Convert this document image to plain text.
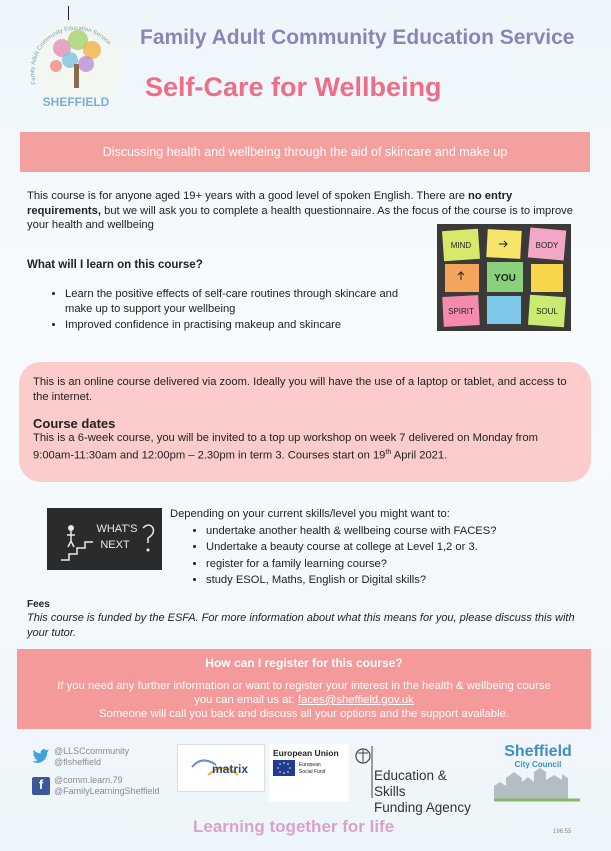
Family Adult Community Education Service
SHEFFIELD
Family Adult Community Education Service
Self-Care for Wellbeing
Discussing health and wellbeing through the aid of skincare and make up
This course is for anyone aged 19+ years with a good level of spoken English. There are no entry requirements, but we will ask you to complete a health questionnaire. As the focus of the course is to improve your health and wellbeing
What will I learn on this course?
• Learn the positive effects of self-care routines through skincare and make up to support your wellbeing
• Improved confidence in practising makeup and skincare
MIND	BODY
YOU
SPIRIT	SOUL
This is an online course delivered via zoom. Ideally you will have the use of a laptop or tablet, and access to the internet.
Course dates
This is a 6-week course, you will be invited to a top up workshop on week 7 delivered on Monday from 9:00am-11:30am and 12:00pm – 2.30pm in term 3. Courses start on 19th April 2021.
WHAT'S
NEXT
Depending on your current skills/level you might want to:
• undertake another health & wellbeing course with FACES?
• Undertake a beauty course at college at Level 1,2 or 3.
• register for a family learning course?
• study ESOL, Maths, English or Digital skills?
Fees
This course is funded by the ESFA. For more information about what this means for you, please discuss this with your tutor.
How can I register for this course?
If you need any further information or want to register your interest in the health & wellbeing course
you can email us at: faces@sheffield.gov.uk
Someone will call you back and discuss all your options and the support available.
@LLSCcommunity
@flsheffield
f	@comm.learn.79
@FamilyLearningSheffield
matrix
European Union
European
Social Fund	Education & Skills
Funding Agency
Sheffield
City Council
Learning together for life	196.55
